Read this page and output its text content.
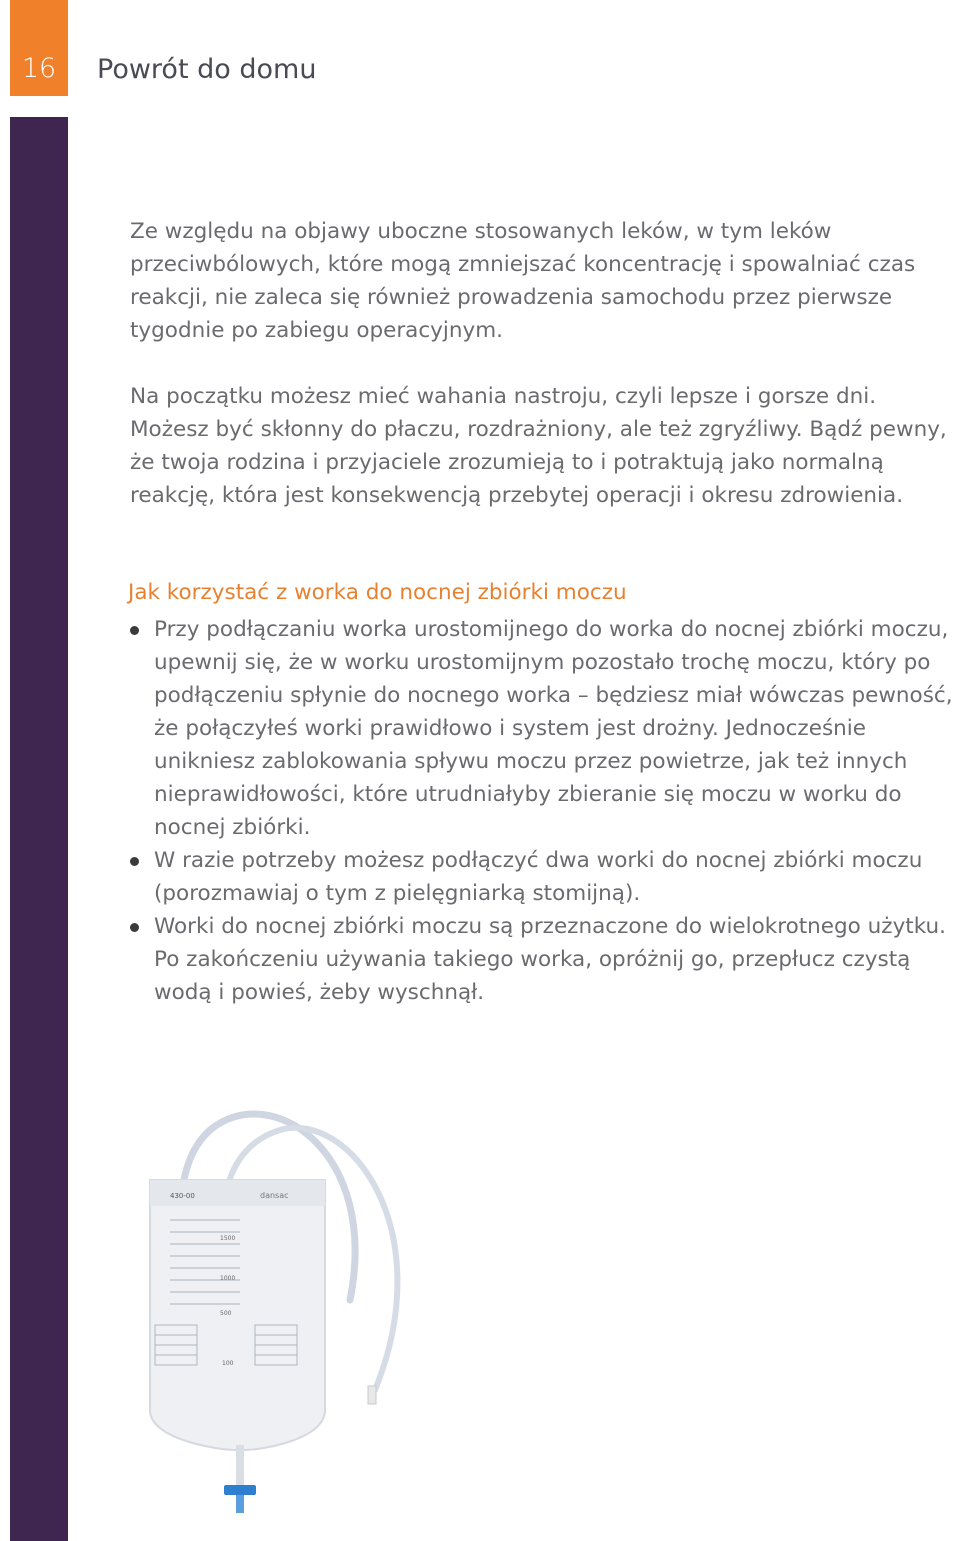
16 Powrót do domu

Ze względu na objawy uboczne stosowanych leków, w tym leków przeciwbólowych, które mogą zmniejszać koncentrację i spowalniać czas reakcji, nie zaleca się również prowadzenia samochodu przez pierwsze tygodnie po zabiegu operacyjnym.

Na początku możesz mieć wahania nastroju, czyli lepsze i gorsze dni. Możesz być skłonny do płaczu, rozdrażniony, ale też zgryźliwy. Bądź pewny, że twoja rodzina i przyjaciele zrozumieją to i potraktują jako normalną reakcję, która jest konsekwencją przebytej operacji i okresu zdrowienia.

Jak korzystać z worka do nocnej zbiórki moczu
Przy podłączaniu worka urostomijnego do worka do nocnej zbiórki moczu, upewnij się, że w worku urostomijnym pozostało trochę moczu, który po podłączeniu spłynie do nocnego worka – będziesz miał wówczas pewność, że połączyłeś worki prawidłowo i system jest drożny. Jednocześnie unikniesz zablokowania spływu moczu przez powietrze, jak też innych nieprawidłowości, które utrudniałyby zbieranie się moczu w worku do nocnej zbiórki.
W razie potrzeby możesz podłączyć dwa worki do nocnej zbiórki moczu (porozmawiaj o tym z pielęgniarką stomijną).
Worki do nocnej zbiórki moczu są przeznaczone do wielokrotnego użytku. Po zakończeniu używania takiego worka, opróżnij go, przepłucz czystą wodą i powieś, żeby wyschnął.
430-00	dansac
1500
1000
500
100
